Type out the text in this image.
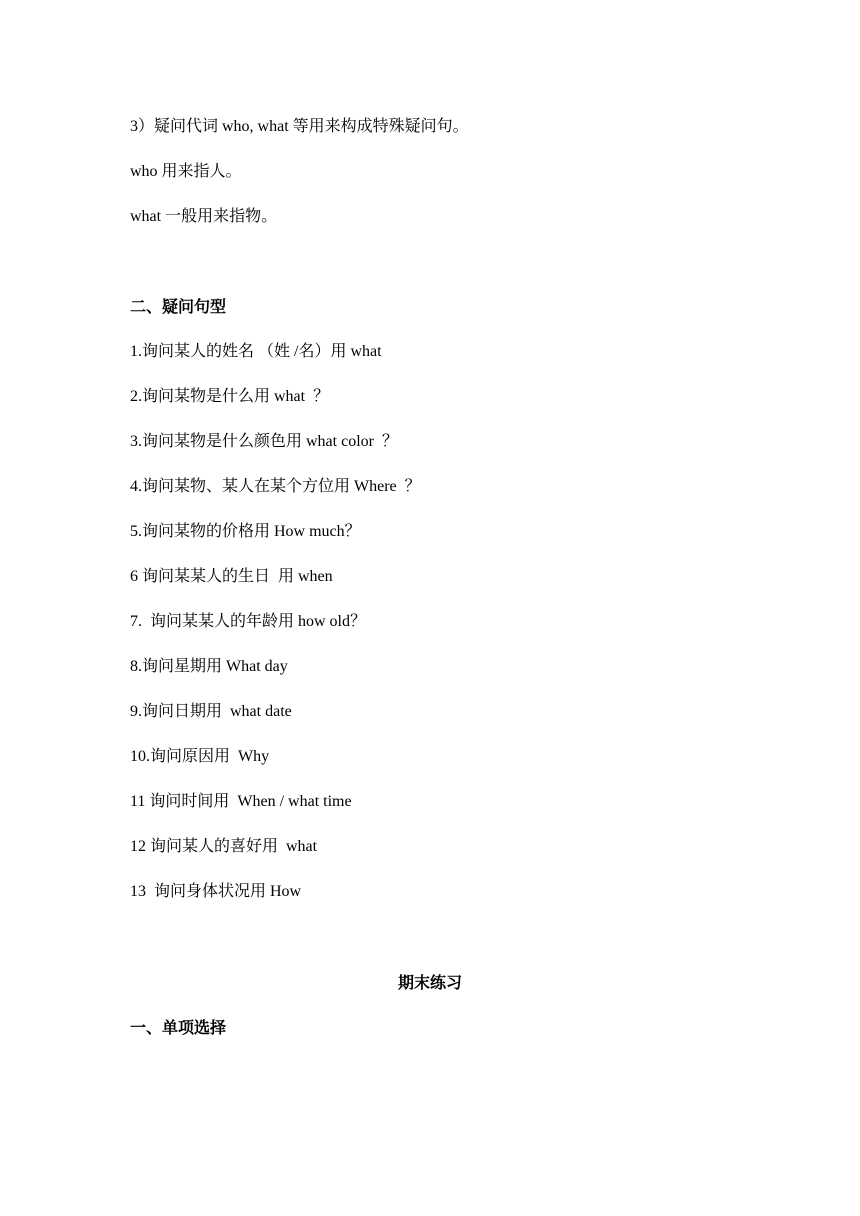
3）疑问代词 who, what 等用来构成特殊疑问句。
who 用来指人。
what 一般用来指物。
二、疑问句型
1.询问某人的姓名 （姓 /名）用 what
2.询问某物是什么用 what  ？
3.询问某物是什么颜色用 what color  ？
4.询问某物、某人在某个方位用 Where  ？
5.询问某物的价格用 How much？
6 询问某某人的生日  用 when
7.  询问某某人的年龄用 how old？
8.询问星期用 What day
9.询问日期用  what date
10.询问原因用  Why
11 询问时间用  When / what time
12 询问某人的喜好用  what
13  询问身体状况用 How
期末练习
一、单项选择
